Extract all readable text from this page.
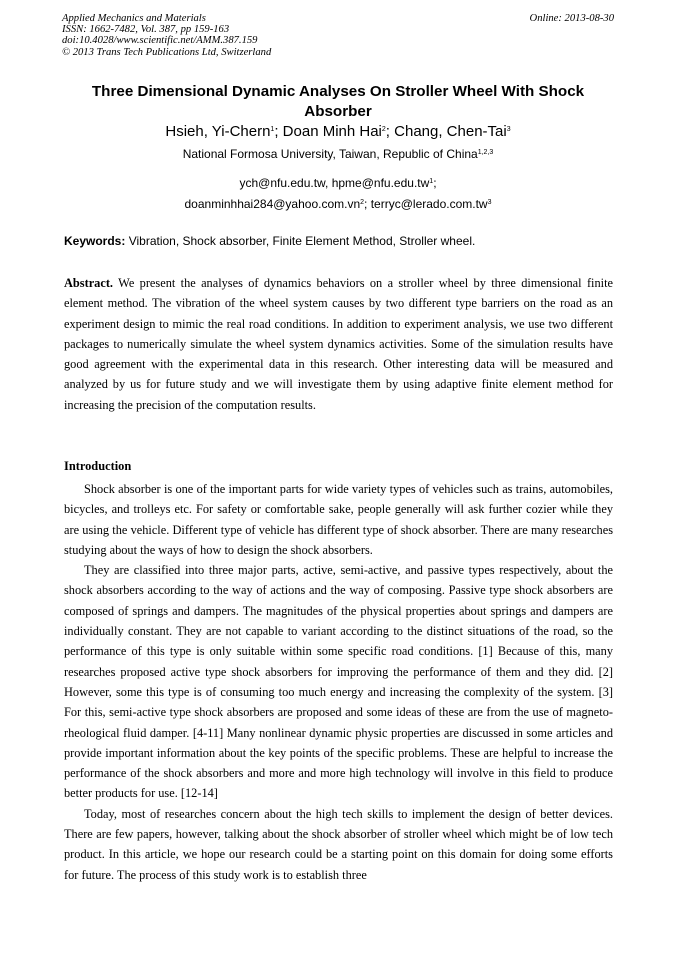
Applied Mechanics and Materials
ISSN: 1662-7482, Vol. 387, pp 159-163
doi:10.4028/www.scientific.net/AMM.387.159
© 2013 Trans Tech Publications Ltd, Switzerland
Online: 2013-08-30
Three Dimensional Dynamic Analyses On Stroller Wheel With Shock
Absorber
Hsieh, Yi-Chern$^1$; Doan Minh Hai$^2$; Chang, Chen-Tai$^3$
National Formosa University, Taiwan, Republic of China$^{1,2,3}$
ych@nfu.edu.tw, $hpme@nfu.edu.tw^1$;
$doanminhhai284@yahoo.com.vn^2$; $terryc@lerado.com.tw^3$
Keywords: Vibration, Shock absorber, Finite Element Method, Stroller wheel.
Abstract. We present the analyses of dynamics behaviors on a stroller wheel by three dimensional finite element method. The vibration of the wheel system causes by two different type barriers on the road as an experiment design to mimic the real road conditions. In addition to experiment analysis, we use two different packages to numerically simulate the wheel system dynamics activities. Some of the simulation results have good agreement with the experimental data in this research. Other interesting data will be measured and analyzed by us for future study and we will investigate them by using adaptive finite element method for increasing the precision of the computation results.
Introduction

Shock absorber is one of the important parts for wide variety types of vehicles such as trains, automobiles, bicycles, and trolleys etc. For safety or comfortable sake, people generally will ask further cozier while they are using the vehicle. Different type of vehicle has different type of shock absorber. There are many researches studying about the ways of how to design the shock absorbers.

They are classified into three major parts, active, semi-active, and passive types respectively, about the shock absorbers according to the way of actions and the way of composing. Passive type shock absorbers are composed of springs and dampers. The magnitudes of the physical properties about springs and dampers are individually constant. They are not capable to variant according to the distinct situations of the road, so the performance of this type is only suitable within some specific road conditions. [1] Because of this, many researches proposed active type shock absorbers for improving the performance of them and they did. [2] However, some this type is of consuming too much energy and increasing the complexity of the system. [3] For this, semi-active type shock absorbers are proposed and some ideas of these are from the use of magneto-rheological fluid damper. [4-11] Many nonlinear dynamic physic properties are discussed in some articles and provide important information about the key points of the specific problems. These are helpful to increase the performance of the shock absorbers and more and more high technology will involve in this field to produce better products for use. [12-14]

Today, most of researches concern about the high tech skills to implement the design of better devices. There are few papers, however, talking about the shock absorber of stroller wheel which might be of low tech product. In this article, we hope our research could be a starting point on this domain for doing some efforts for future. The process of this study work is to establish three
